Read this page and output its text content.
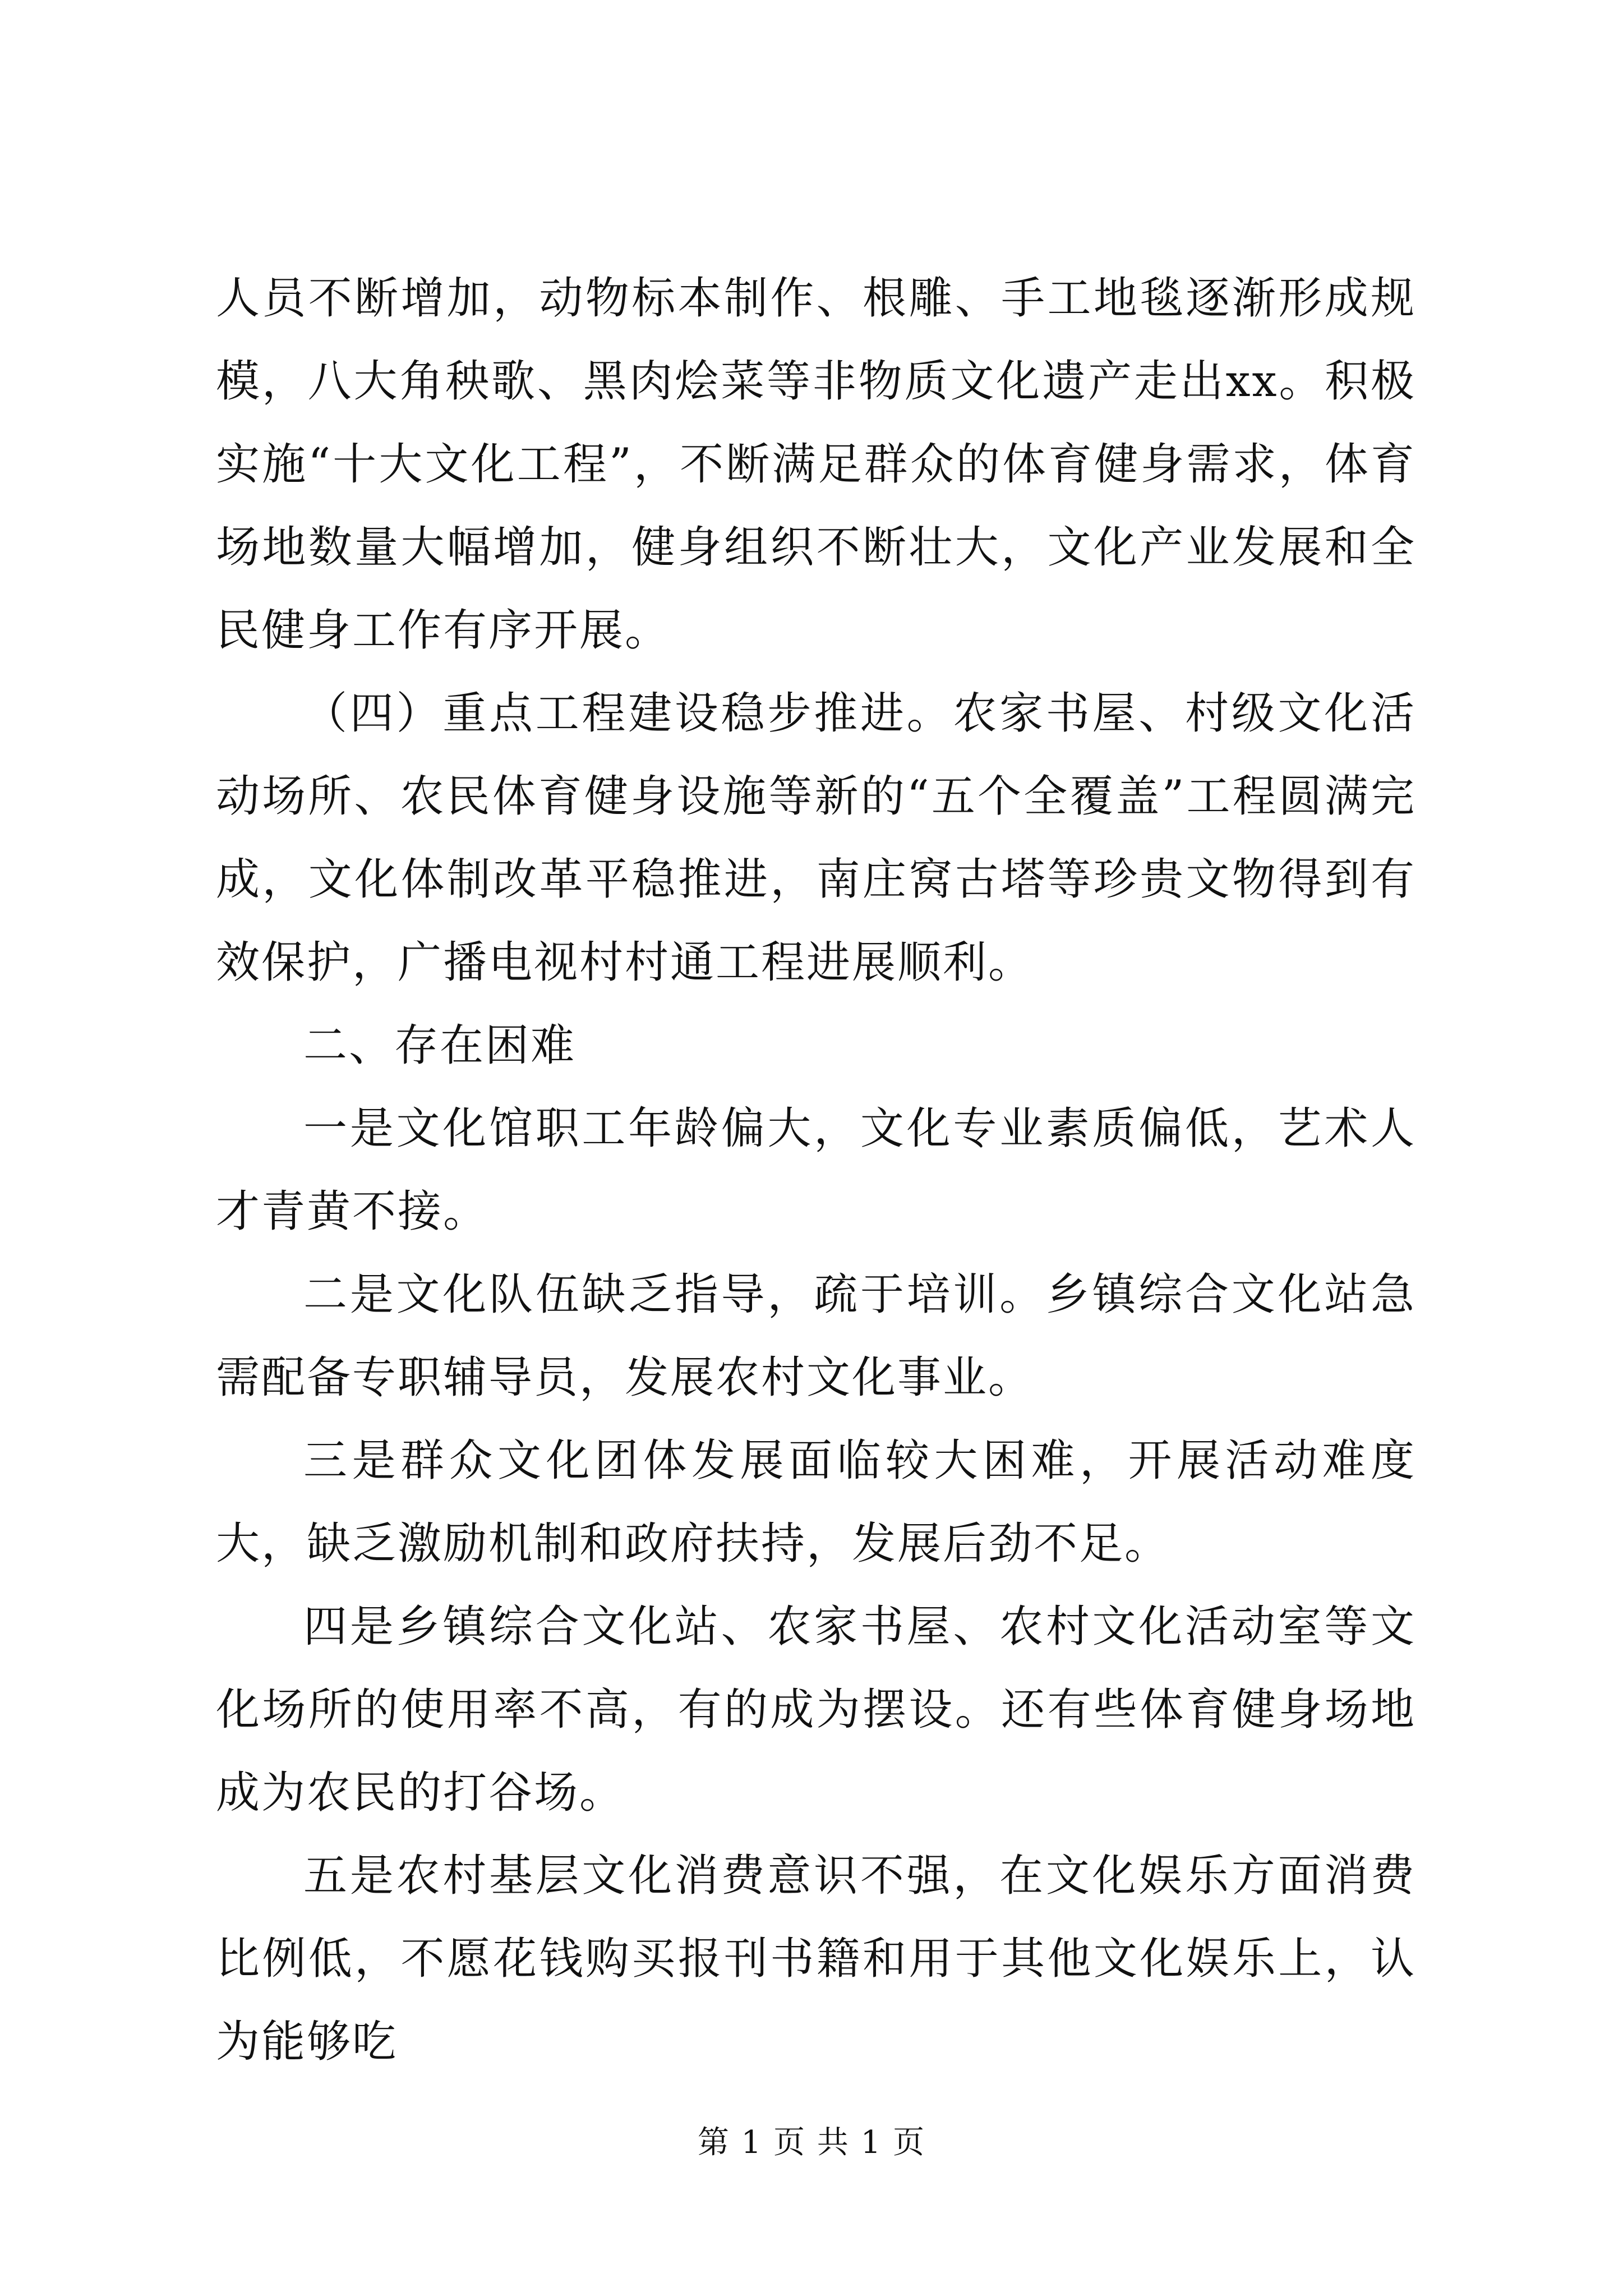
人员不断增加，动物标本制作、根雕、手工地毯逐渐形成规模，八大角秧歌、黑肉烩菜等非物质文化遗产走出xx。积极实施“十大文化工程”，不断满足群众的体育健身需求，体育场地数量大幅增加，健身组织不断壮大，文化产业发展和全民健身工作有序开展。

（四）重点工程建设稳步推进。农家书屋、村级文化活动场所、农民体育健身设施等新的“五个全覆盖”工程圆满完成，文化体制改革平稳推进，南庄窝古塔等珍贵文物得到有效保护，广播电视村村通工程进展顺利。

二、存在困难

一是文化馆职工年龄偏大，文化专业素质偏低，艺术人才青黄不接。

二是文化队伍缺乏指导，疏于培训。乡镇综合文化站急需配备专职辅导员，发展农村文化事业。

三是群众文化团体发展面临较大困难，开展活动难度大，缺乏激励机制和政府扶持，发展后劲不足。

四是乡镇综合文化站、农家书屋、农村文化活动室等文化场所的使用率不高，有的成为摆设。还有些体育健身场地成为农民的打谷场。

五是农村基层文化消费意识不强，在文化娱乐方面消费比例低，不愿花钱购买报刊书籍和用于其他文化娱乐上，认为能够吃

第 1 页 共 1 页
